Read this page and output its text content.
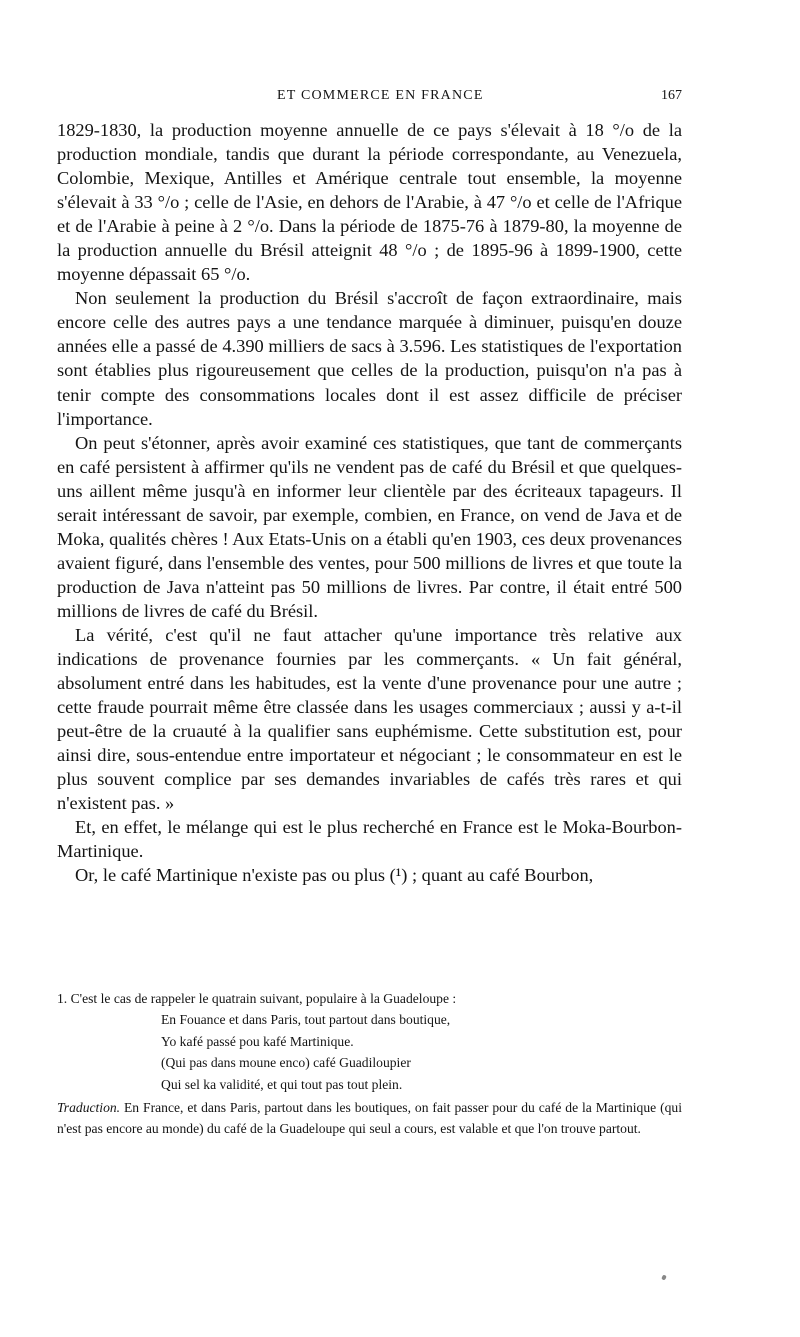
ET COMMERCE EN FRANCE	167

1829-1830, la production moyenne annuelle de ce pays s'élevait à 18 °/o de la production mondiale, tandis que durant la période correspondante, au Venezuela, Colombie, Mexique, Antilles et Amérique centrale tout ensemble, la moyenne s'élevait à 33 °/o ; celle de l'Asie, en dehors de l'Arabie, à 47 °/o et celle de l'Afrique et de l'Arabie à peine à 2 °/o. Dans la période de 1875-76 à 1879-80, la moyenne de la production annuelle du Brésil atteignit 48 °/o ; de 1895-96 à 1899-1900, cette moyenne dépassait 65 °/o.

Non seulement la production du Brésil s'accroît de façon extraordinaire, mais encore celle des autres pays a une tendance marquée à diminuer, puisqu'en douze années elle a passé de 4.390 milliers de sacs à 3.596. Les statistiques de l'exportation sont établies plus rigoureusement que celles de la production, puisqu'on n'a pas à tenir compte des consommations locales dont il est assez difficile de préciser l'importance.

On peut s'étonner, après avoir examiné ces statistiques, que tant de commerçants en café persistent à affirmer qu'ils ne vendent pas de café du Brésil et que quelques-uns aillent même jusqu'à en informer leur clientèle par des écriteaux tapageurs. Il serait intéressant de savoir, par exemple, combien, en France, on vend de Java et de Moka, qualités chères ! Aux Etats-Unis on a établi qu'en 1903, ces deux provenances avaient figuré, dans l'ensemble des ventes, pour 500 millions de livres et que toute la production de Java n'atteint pas 50 millions de livres. Par contre, il était entré 500 millions de livres de café du Brésil.

La vérité, c'est qu'il ne faut attacher qu'une importance très relative aux indications de provenance fournies par les commerçants. « Un fait général, absolument entré dans les habitudes, est la vente d'une provenance pour une autre ; cette fraude pourrait même être classée dans les usages commerciaux ; aussi y a-t-il peut-être de la cruauté à la qualifier sans euphémisme. Cette substitution est, pour ainsi dire, sous-entendue entre importateur et négociant ; le consommateur en est le plus souvent complice par ses demandes invariables de cafés très rares et qui n'existent pas. »

Et, en effet, le mélange qui est le plus recherché en France est le Moka-Bourbon-Martinique.

Or, le café Martinique n'existe pas ou plus (¹) ; quant au café Bourbon,

1. C'est le cas de rappeler le quatrain suivant, populaire à la Guadeloupe :

En Fouance et dans Paris, tout partout dans boutique,
Yo kafé passé pou kafé Martinique.
(Qui pas dans moune enco) café Guadiloupier
Qui sel ka validité, et qui tout pas tout plein.

Traduction. En France, et dans Paris, partout dans les boutiques, on fait passer pour du café de la Martinique (qui n'est pas encore au monde) du café de la Guadeloupe qui seul a cours, est valable et que l'on trouve partout.
